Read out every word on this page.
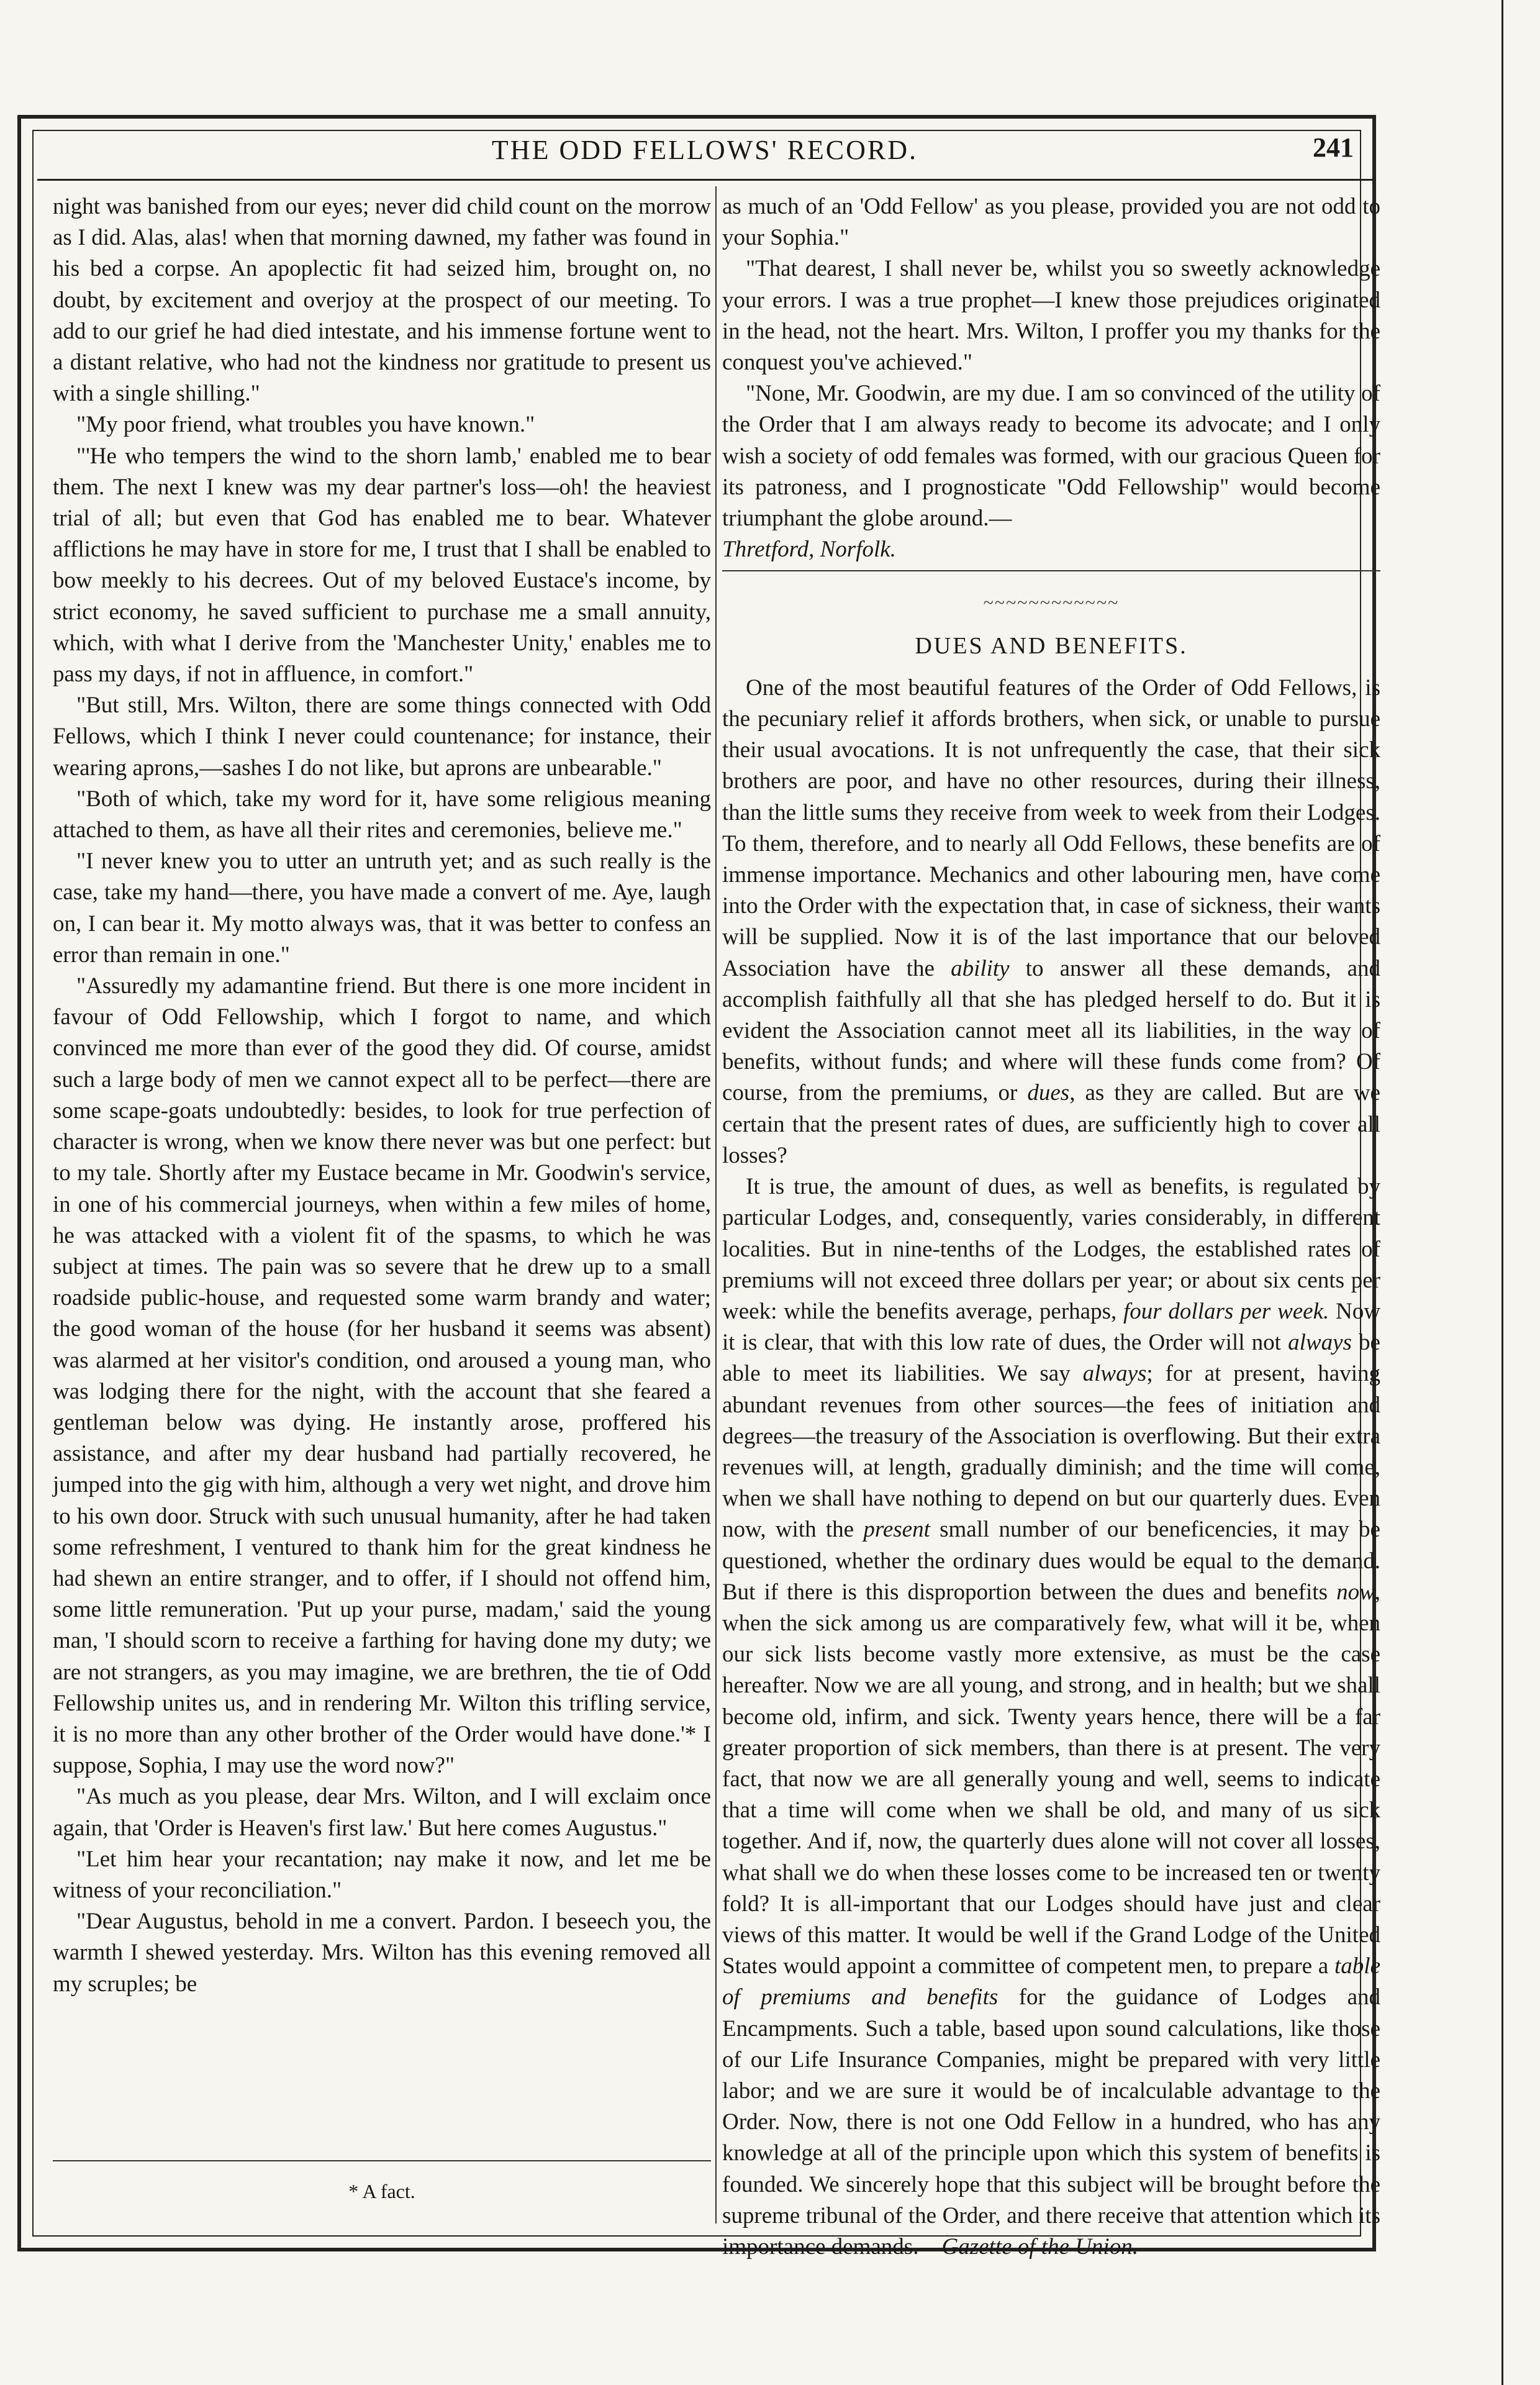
THE ODD FELLOWS' RECORD.	241

night was banished from our eyes; never did child count on the morrow as I did. Alas, alas! when that morning dawned, my father was found in his bed a corpse. An apoplectic fit had seized him, brought on, no doubt, by excitement and overjoy at the prospect of our meeting. To add to our grief he had died intestate, and his immense fortune went to a distant relative, who had not the kindness nor gratitude to present us with a single shilling."

"My poor friend, what troubles you have known."

"'He who tempers the wind to the shorn lamb,' enabled me to bear them. The next I knew was my dear partner's loss—oh! the heaviest trial of all; but even that God has enabled me to bear. Whatever afflictions he may have in store for me, I trust that I shall be enabled to bow meekly to his decrees. Out of my beloved Eustace's income, by strict economy, he saved sufficient to purchase me a small annuity, which, with what I derive from the 'Manchester Unity,' enables me to pass my days, if not in affluence, in comfort."

"But still, Mrs. Wilton, there are some things connected with Odd Fellows, which I think I never could countenance; for instance, their wearing aprons,—sashes I do not like, but aprons are unbearable."

"Both of which, take my word for it, have some religious meaning attached to them, as have all their rites and ceremonies, believe me."

"I never knew you to utter an untruth yet; and as such really is the case, take my hand—there, you have made a convert of me. Aye, laugh on, I can bear it. My motto always was, that it was better to confess an error than remain in one."

"Assuredly my adamantine friend. But there is one more incident in favour of Odd Fellowship, which I forgot to name, and which convinced me more than ever of the good they did. Of course, amidst such a large body of men we cannot expect all to be perfect—there are some scape-goats undoubtedly: besides, to look for true perfection of character is wrong, when we know there never was but one perfect: but to my tale. Shortly after my Eustace became in Mr. Goodwin's service, in one of his commercial journeys, when within a few miles of home, he was attacked with a violent fit of the spasms, to which he was subject at times. The pain was so severe that he drew up to a small roadside public-house, and requested some warm brandy and water; the good woman of the house (for her husband it seems was absent) was alarmed at her visitor's condition, ond aroused a young man, who was lodging there for the night, with the account that she feared a gentleman below was dying. He instantly arose, proffered his assistance, and after my dear husband had partially recovered, he jumped into the gig with him, although a very wet night, and drove him to his own door. Struck with such unusual humanity, after he had taken some refreshment, I ventured to thank him for the great kindness he had shewn an entire stranger, and to offer, if I should not offend him, some little remuneration. 'Put up your purse, madam,' said the young man, 'I should scorn to receive a farthing for having done my duty; we are not strangers, as you may imagine, we are brethren, the tie of Odd Fellowship unites us, and in rendering Mr. Wilton this trifling service, it is no more than any other brother of the Order would have done.'* I suppose, Sophia, I may use the word now?"

"As much as you please, dear Mrs. Wilton, and I will exclaim once again, that 'Order is Heaven's first law.' But here comes Augustus."

"Let him hear your recantation; nay make it now, and let me be witness of your reconciliation."

"Dear Augustus, behold in me a convert. Pardon. I beseech you, the warmth I shewed yesterday. Mrs. Wilton has this evening removed all my scruples; be

* A fact.

as much of an 'Odd Fellow' as you please, provided you are not odd to your Sophia."

"That dearest, I shall never be, whilst you so sweetly acknowledge your errors. I was a true prophet—I knew those prejudices originated in the head, not the heart. Mrs. Wilton, I proffer you my thanks for the conquest you've achieved."

"None, Mr. Goodwin, are my due. I am so convinced of the utility of the Order that I am always ready to become its advocate; and I only wish a society of odd females was formed, with our gracious Queen for its patroness, and I prognosticate "Odd Fellowship" would become triumphant the globe around.—

Thretford, Norfolk.

~~~~~~~~~~~~
DUES AND BENEFITS.

One of the most beautiful features of the Order of Odd Fellows, is the pecuniary relief it affords brothers, when sick, or unable to pursue their usual avocations. It is not unfrequently the case, that their sick brothers are poor, and have no other resources, during their illness, than the little sums they receive from week to week from their Lodges. To them, therefore, and to nearly all Odd Fellows, these benefits are of immense importance. Mechanics and other labouring men, have come into the Order with the expectation that, in case of sickness, their wants will be supplied. Now it is of the last importance that our beloved Association have the ability to answer all these demands, and accomplish faithfully all that she has pledged herself to do. But it is evident the Association cannot meet all its liabilities, in the way of benefits, without funds; and where will these funds come from? Of course, from the premiums, or dues, as they are called. But are we certain that the present rates of dues, are sufficiently high to cover all losses?

It is true, the amount of dues, as well as benefits, is regulated by particular Lodges, and, consequently, varies considerably, in different localities. But in nine-tenths of the Lodges, the established rates of premiums will not exceed three dollars per year; or about six cents per week: while the benefits average, perhaps, four dollars per week. Now it is clear, that with this low rate of dues, the Order will not always be able to meet its liabilities. We say always; for at present, having abundant revenues from other sources—the fees of initiation and degrees—the treasury of the Association is overflowing. But their extra revenues will, at length, gradually diminish; and the time will come, when we shall have nothing to depend on but our quarterly dues. Even now, with the present small number of our beneficencies, it may be questioned, whether the ordinary dues would be equal to the demand. But if there is this disproportion between the dues and benefits now, when the sick among us are comparatively few, what will it be, when our sick lists become vastly more extensive, as must be the case hereafter. Now we are all young, and strong, and in health; but we shall become old, infirm, and sick. Twenty years hence, there will be a far greater proportion of sick members, than there is at present. The very fact, that now we are all generally young and well, seems to indicate that a time will come when we shall be old, and many of us sick together. And if, now, the quarterly dues alone will not cover all losses, what shall we do when these losses come to be increased ten or twenty fold? It is all-important that our Lodges should have just and clear views of this matter. It would be well if the Grand Lodge of the United States would appoint a committee of competent men, to prepare a table of premiums and benefits for the guidance of Lodges and Encampments. Such a table, based upon sound calculations, like those of our Life Insurance Companies, might be prepared with very little labor; and we are sure it would be of incalculable advantage to the Order. Now, there is not one Odd Fellow in a hundred, who has any knowledge at all of the principle upon which this system of benefits is founded. We sincerely hope that this subject will be brought before the supreme tribunal of the Order, and there receive that attention which its importance demands.—Gazette of the Union.
